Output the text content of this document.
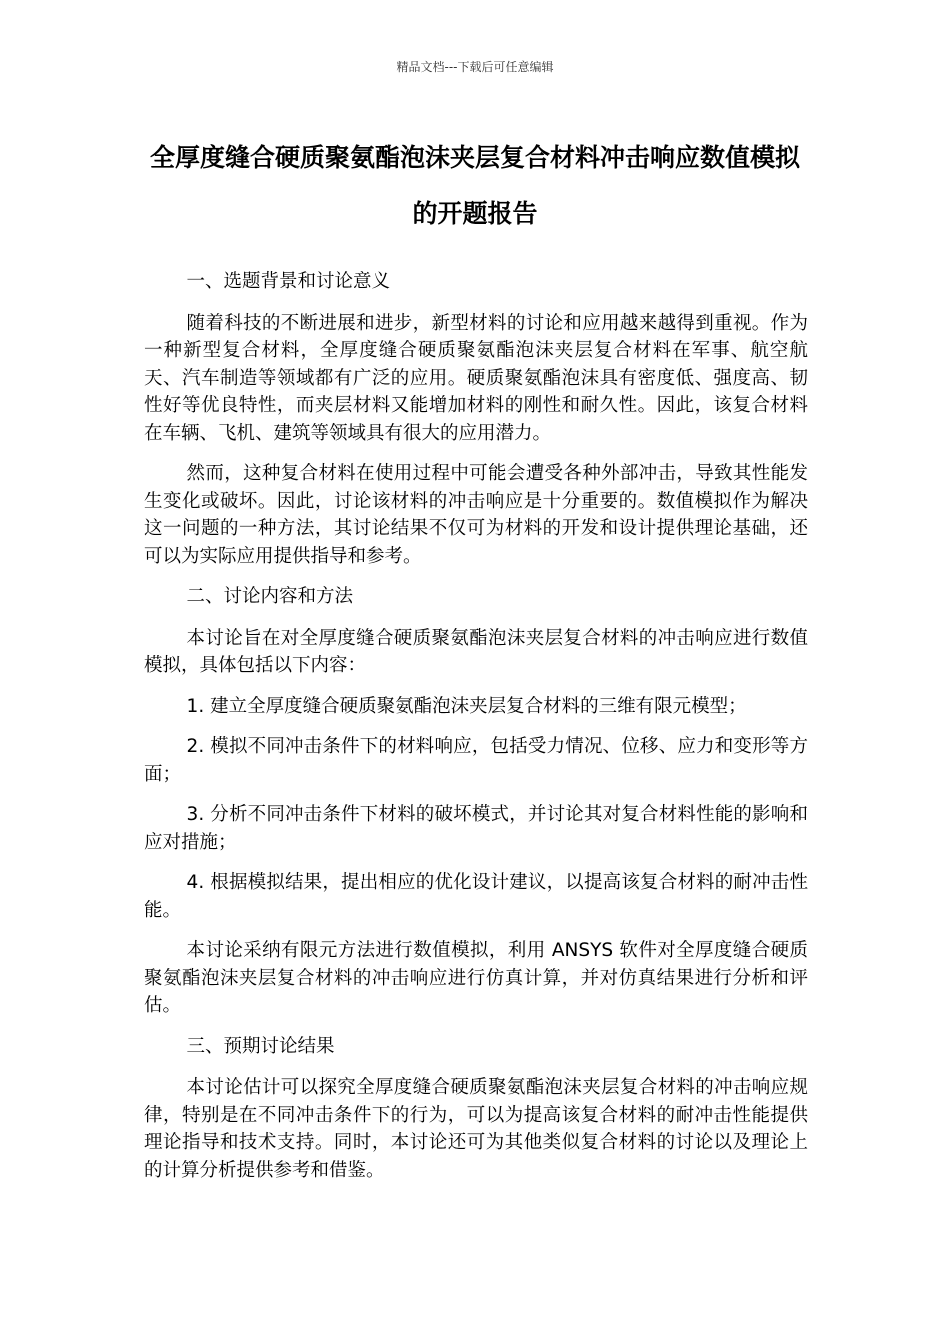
精品文档---下载后可任意编辑
全厚度缝合硬质聚氨酯泡沫夹层复合材料冲击响应数值模拟的开题报告

一、选题背景和讨论意义

随着科技的不断进展和进步，新型材料的讨论和应用越来越得到重视。作为一种新型复合材料，全厚度缝合硬质聚氨酯泡沫夹层复合材料在军事、航空航天、汽车制造等领域都有广泛的应用。硬质聚氨酯泡沫具有密度低、强度高、韧性好等优良特性，而夹层材料又能增加材料的刚性和耐久性。因此，该复合材料在车辆、飞机、建筑等领域具有很大的应用潜力。

然而，这种复合材料在使用过程中可能会遭受各种外部冲击，导致其性能发生变化或破坏。因此，讨论该材料的冲击响应是十分重要的。数值模拟作为解决这一问题的一种方法，其讨论结果不仅可为材料的开发和设计提供理论基础，还可以为实际应用提供指导和参考。

二、讨论内容和方法

本讨论旨在对全厚度缝合硬质聚氨酯泡沫夹层复合材料的冲击响应进行数值模拟，具体包括以下内容：

1. 建立全厚度缝合硬质聚氨酯泡沫夹层复合材料的三维有限元模型；

2. 模拟不同冲击条件下的材料响应，包括受力情况、位移、应力和变形等方面；

3. 分析不同冲击条件下材料的破坏模式，并讨论其对复合材料性能的影响和应对措施；

4. 根据模拟结果，提出相应的优化设计建议，以提高该复合材料的耐冲击性能。

本讨论采纳有限元方法进行数值模拟，利用 ANSYS 软件对全厚度缝合硬质聚氨酯泡沫夹层复合材料的冲击响应进行仿真计算，并对仿真结果进行分析和评估。

三、预期讨论结果

本讨论估计可以探究全厚度缝合硬质聚氨酯泡沫夹层复合材料的冲击响应规律，特别是在不同冲击条件下的行为，可以为提高该复合材料的耐冲击性能提供理论指导和技术支持。同时，本讨论还可为其他类似复合材料的讨论以及理论上的计算分析提供参考和借鉴。
